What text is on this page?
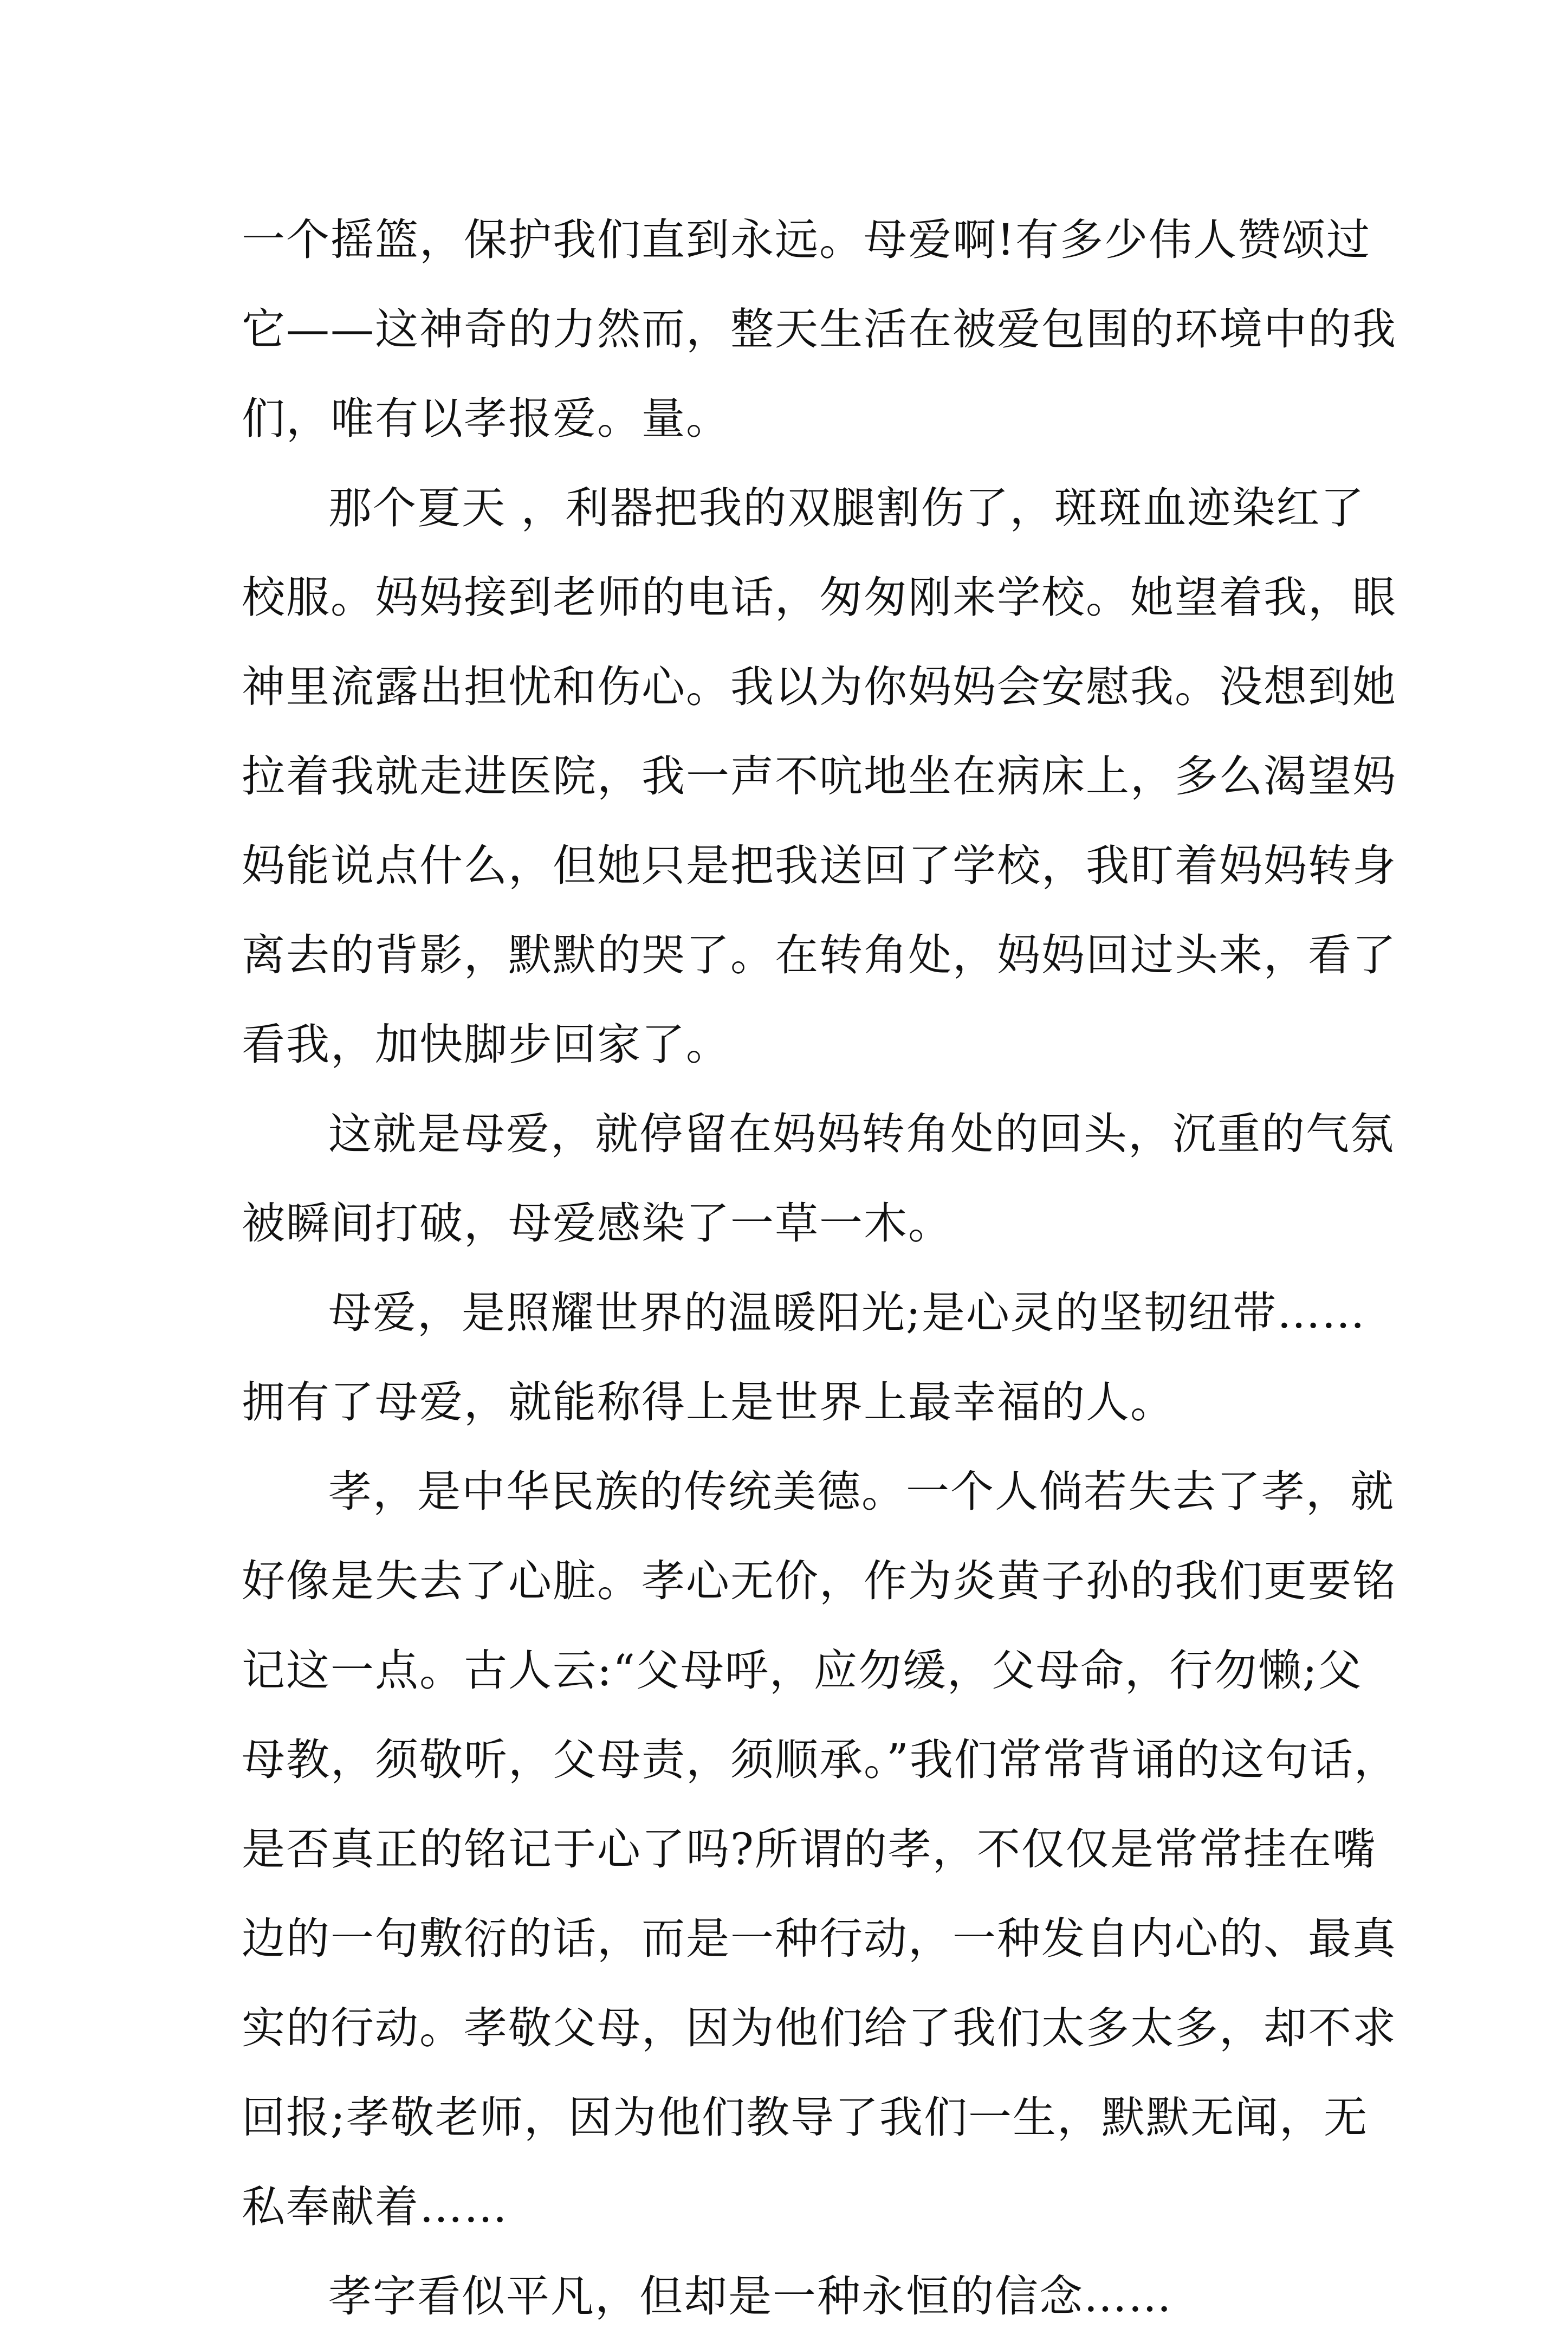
一个摇篮，保护我们直到永远。母爱啊!有多少伟人赞颂过
它——这神奇的力然而，整天生活在被爱包围的环境中的我
们，唯有以孝报爱。量。
那个夏天 ，利器把我的双腿割伤了，斑斑血迹染红了
校服。妈妈接到老师的电话，匆匆刚来学校。她望着我，眼
神里流露出担忧和伤心。我以为你妈妈会安慰我。没想到她
拉着我就走进医院，我一声不吭地坐在病床上，多么渴望妈
妈能说点什么，但她只是把我送回了学校，我盯着妈妈转身
离去的背影，默默的哭了。在转角处，妈妈回过头来，看了
看我，加快脚步回家了。
这就是母爱，就停留在妈妈转角处的回头，沉重的气氛
被瞬间打破，母爱感染了一草一木。
母爱，是照耀世界的温暖阳光;是心灵的坚韧纽带……
拥有了母爱，就能称得上是世界上最幸福的人。
孝，是中华民族的传统美德。一个人倘若失去了孝，就
好像是失去了心脏。孝心无价，作为炎黄子孙的我们更要铭
记这一点。古人云:“父母呼，应勿缓，父母命，行勿懒;父
母教，须敬听，父母责，须顺承。”我们常常背诵的这句话，
是否真正的铭记于心了吗?所谓的孝，不仅仅是常常挂在嘴
边的一句敷衍的话，而是一种行动，一种发自内心的、最真
实的行动。孝敬父母，因为他们给了我们太多太多，却不求
回报;孝敬老师，因为他们教导了我们一生，默默无闻，无
私奉献着……
孝字看似平凡，但却是一种永恒的信念……
